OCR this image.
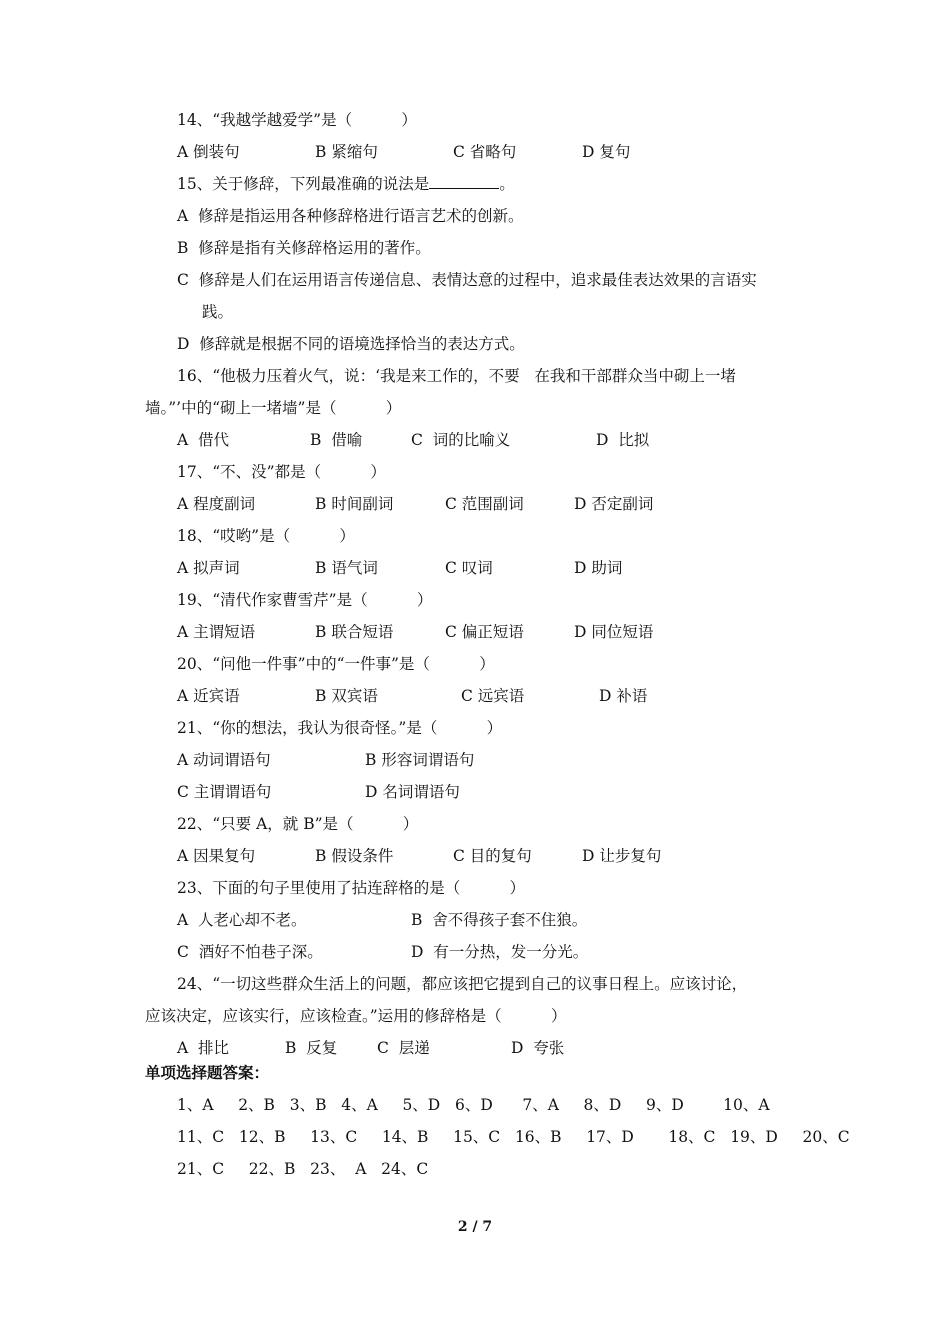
14、“我越学越爱学”是（          ）
A 倒装句	B 紧缩句	C 省略句	D 复句
15、关于修辞，下列最准确的说法是	。
A  修辞是指运用各种修辞格进行语言艺术的创新。
B  修辞是指有关修辞格运用的著作。
C  修辞是人们在运用语言传递信息、表情达意的过程中，追求最佳表达效果的言语实
践。
D  修辞就是根据不同的语境选择恰当的表达方式。
16、“他极力压着火气，说：‘我是来工作的，不要   在我和干部群众当中砌上一堵
墙。”’中的“砌上一堵墙”是（          ）
A  借代	B  借喻	C  词的比喻义	D  比拟
17、“不、没”都是（          ）
A 程度副词	B 时间副词	C 范围副词	D 否定副词
18、“哎哟”是（          ）
A 拟声词	B 语气词	C 叹词	D 助词
19、“清代作家曹雪芹”是（          ）
A 主谓短语	B 联合短语	C 偏正短语	D 同位短语
20、“问他一件事”中的“一件事”是（          ）
A 近宾语	B 双宾语	C 远宾语	D 补语
21、“你的想法，我认为很奇怪。”是（          ）
A 动词谓语句	B 形容词谓语句
C 主谓谓语句	D 名词谓语句
22、“只要 A，就 B”是（          ）
A 因果复句	B 假设条件	C 目的复句	D 让步复句
23、下面的句子里使用了拈连辞格的是（          ）
A  人老心却不老。	B  舍不得孩子套不住狼。
C  酒好不怕巷子深。	D  有一分热，发一分光。
24、“一切这些群众生活上的问题，都应该把它提到自己的议事日程上。应该讨论，
应该决定，应该实行，应该检查。”运用的修辞格是（          ）
A  排比	B  反复	C  层递	D  夸张
单项选择题答案：
1、A     2、B   3、B   4、A     5、D   6、D      7、A     8、D     9、D        10、A
11、C   12、B     13、C     14、B     15、C   16、B     17、D       18、C   19、D     20、C
21、C     22、B   23、  A   24、C
2 / 7
